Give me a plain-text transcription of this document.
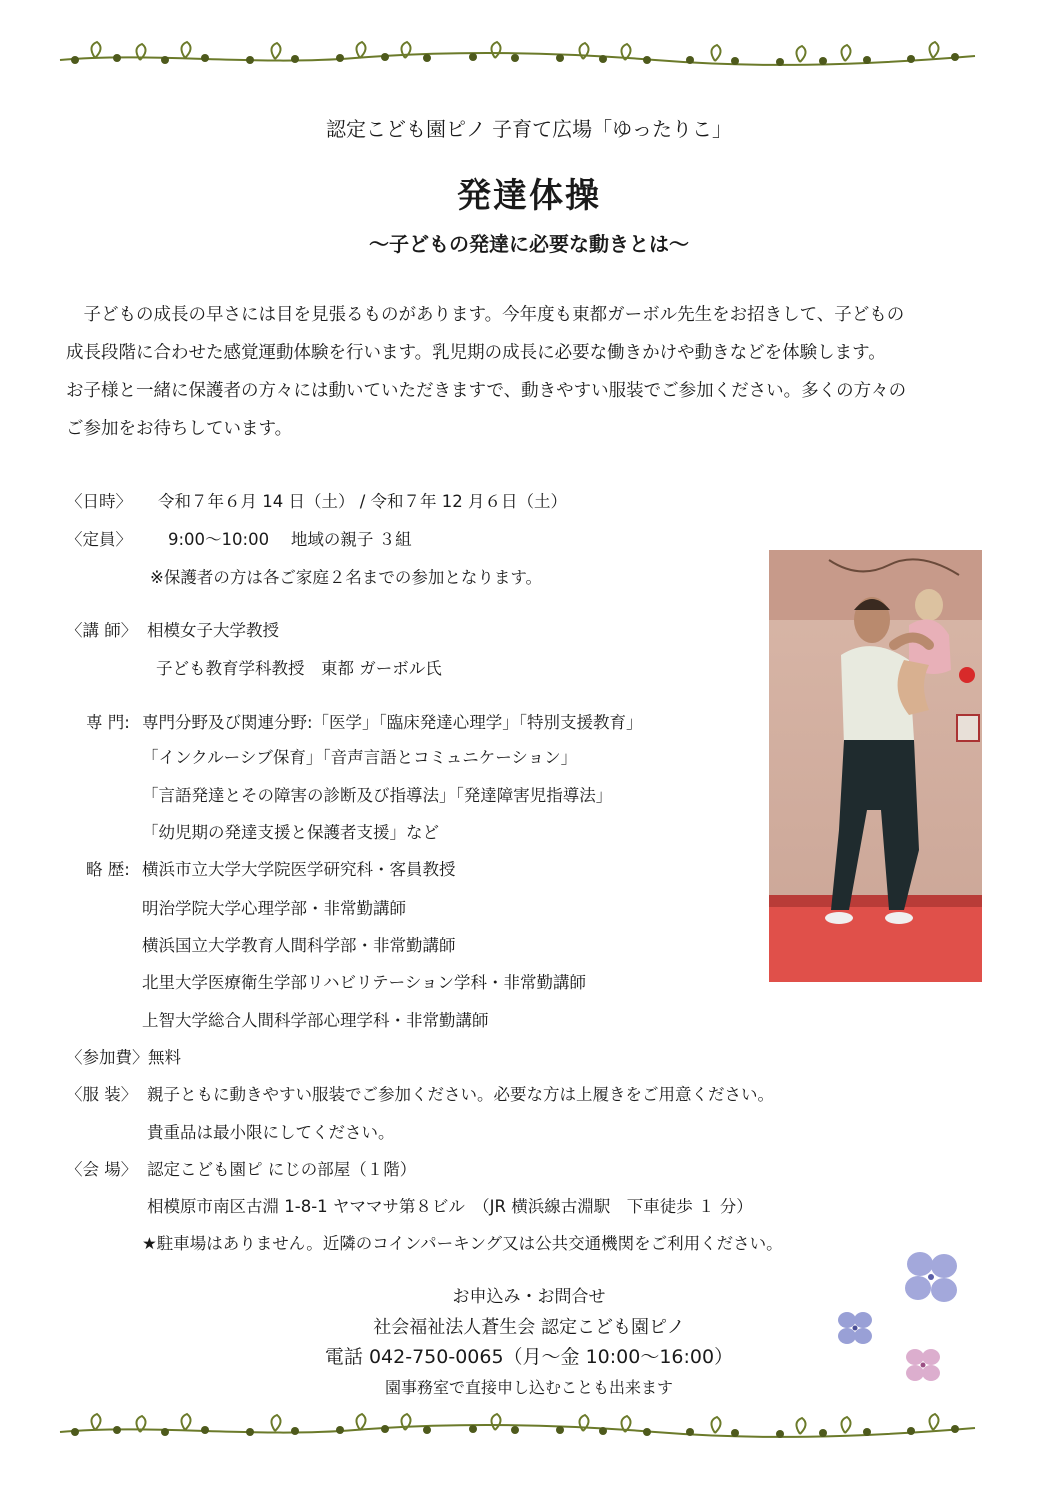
認定こども園ピノ 子育て広場「ゆったりこ」
発達体操
～子どもの発達に必要な動きとは～

　子どもの成長の早さには目を見張るものがあります。今年度も東都ガーボル先生をお招きして、子どもの

成長段階に合わせた感覚運動体験を行います。乳児期の成長に必要な働きかけや動きなどを体験します。

お子様と一緒に保護者の方々には動いていただきますで、動きやすい服装でご参加ください。多くの方々の

ご参加をお待ちしています。

〈日時〉 令和７年６月 14 日（土） / 令和７年 12 月６日（土）
〈定員〉 9:00～10:00　 地域の親子 ３組
※保護者の方は各ご家庭２名までの参加となります。
〈講 師〉 相模女子大学教授
子ども教育学科教授　東都 ガーボル氏
専 門: 専門分野及び関連分野:「医学」「臨床発達心理学」「特別支援教育」
「インクルーシブ保育」「音声言語とコミュニケーション」
「言語発達とその障害の診断及び指導法」「発達障害児指導法」
「幼児期の発達支援と保護者支援」など
略 歴: 横浜市立大学大学院医学研究科・客員教授
明治学院大学心理学部・非常勤講師
横浜国立大学教育人間科学部・非常勤講師
北里大学医療衛生学部リハビリテーション学科・非常勤講師
上智大学総合人間科学部心理学科・非常勤講師
〈参加費〉 無料
〈服 装〉 親子ともに動きやすい服装でご参加ください。必要な方は上履きをご用意ください。
貴重品は最小限にしてください。
〈会 場〉 認定こども園ピ にじの部屋（１階）
相模原市南区古淵 1-8-1 ヤママサ第８ビル　（JR 横浜線古淵駅　下車徒歩 １ 分）
★駐車場はありません。近隣のコインパーキング又は公共交通機関をご利用ください。
お申込み・お問合せ
社会福祉法人蒼生会 認定こども園ピノ
電話 042-750-0065（月～金 10:00～16:00）
園事務室で直接申し込むことも出来ます
